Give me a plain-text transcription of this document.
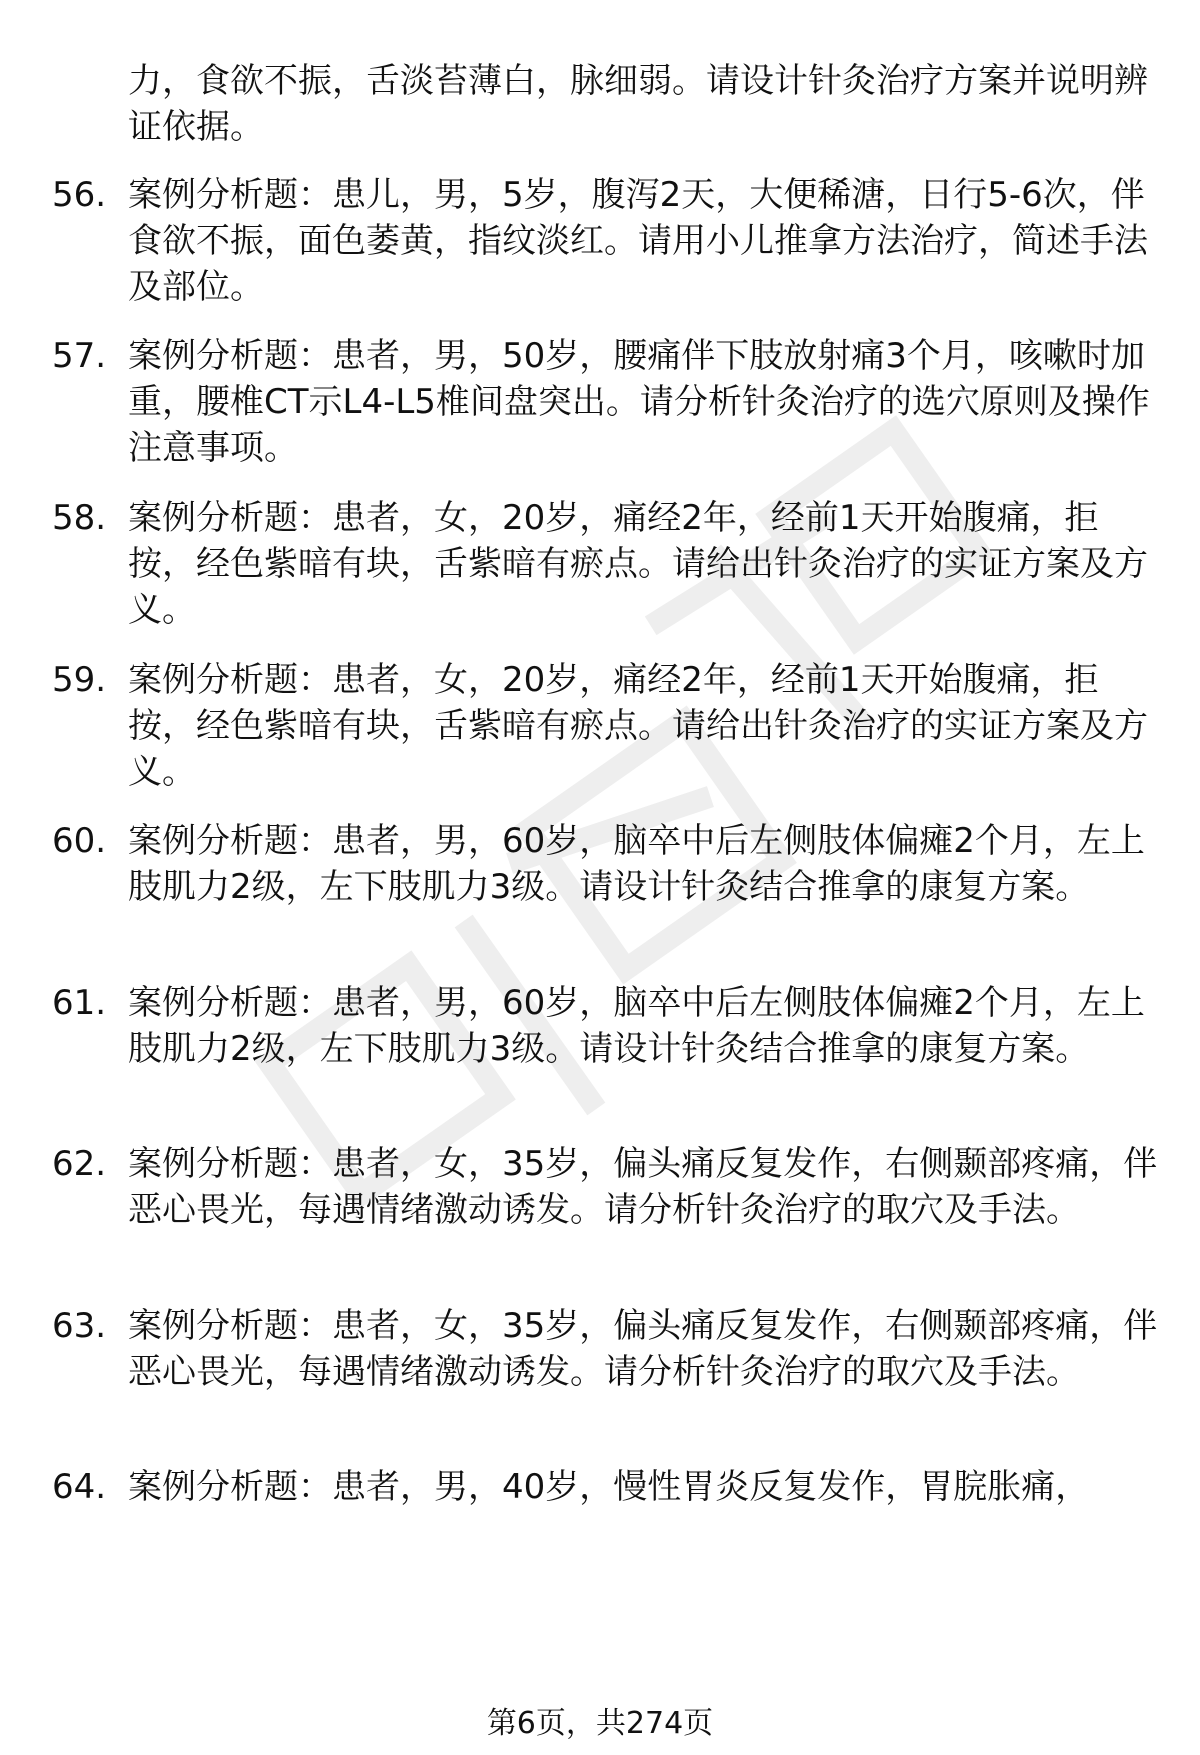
力，食欲不振，舌淡苔薄白，脉细弱。请设计针灸治疗方案并说明辨证依据。
56. 案例分析题：患儿，男，5岁，腹泻2天，大便稀溏，日行5-6次，伴食欲不振，面色萎黄，指纹淡红。请用小儿推拿方法治疗，简述手法及部位。
57. 案例分析题：患者，男，50岁，腰痛伴下肢放射痛3个月，咳嗽时加重，腰椎CT示L4-L5椎间盘突出。请分析针灸治疗的选穴原则及操作注意事项。
58. 案例分析题：患者，女，20岁，痛经2年，经前1天开始腹痛，拒按，经色紫暗有块，舌紫暗有瘀点。请给出针灸治疗的实证方案及方义。
59. 案例分析题：患者，女，20岁，痛经2年，经前1天开始腹痛，拒按，经色紫暗有块，舌紫暗有瘀点。请给出针灸治疗的实证方案及方义。
60. 案例分析题：患者，男，60岁，脑卒中后左侧肢体偏瘫2个月，左上肢肌力2级，左下肢肌力3级。请设计针灸结合推拿的康复方案。
61. 案例分析题：患者，男，60岁，脑卒中后左侧肢体偏瘫2个月，左上肢肌力2级，左下肢肌力3级。请设计针灸结合推拿的康复方案。
62. 案例分析题：患者，女，35岁，偏头痛反复发作，右侧颞部疼痛，伴恶心畏光，每遇情绪激动诱发。请分析针灸治疗的取穴及手法。
63. 案例分析题：患者，女，35岁，偏头痛反复发作，右侧颞部疼痛，伴恶心畏光，每遇情绪激动诱发。请分析针灸治疗的取穴及手法。
64. 案例分析题：患者，男，40岁，慢性胃炎反复发作，胃脘胀痛，
第6页，共274页
